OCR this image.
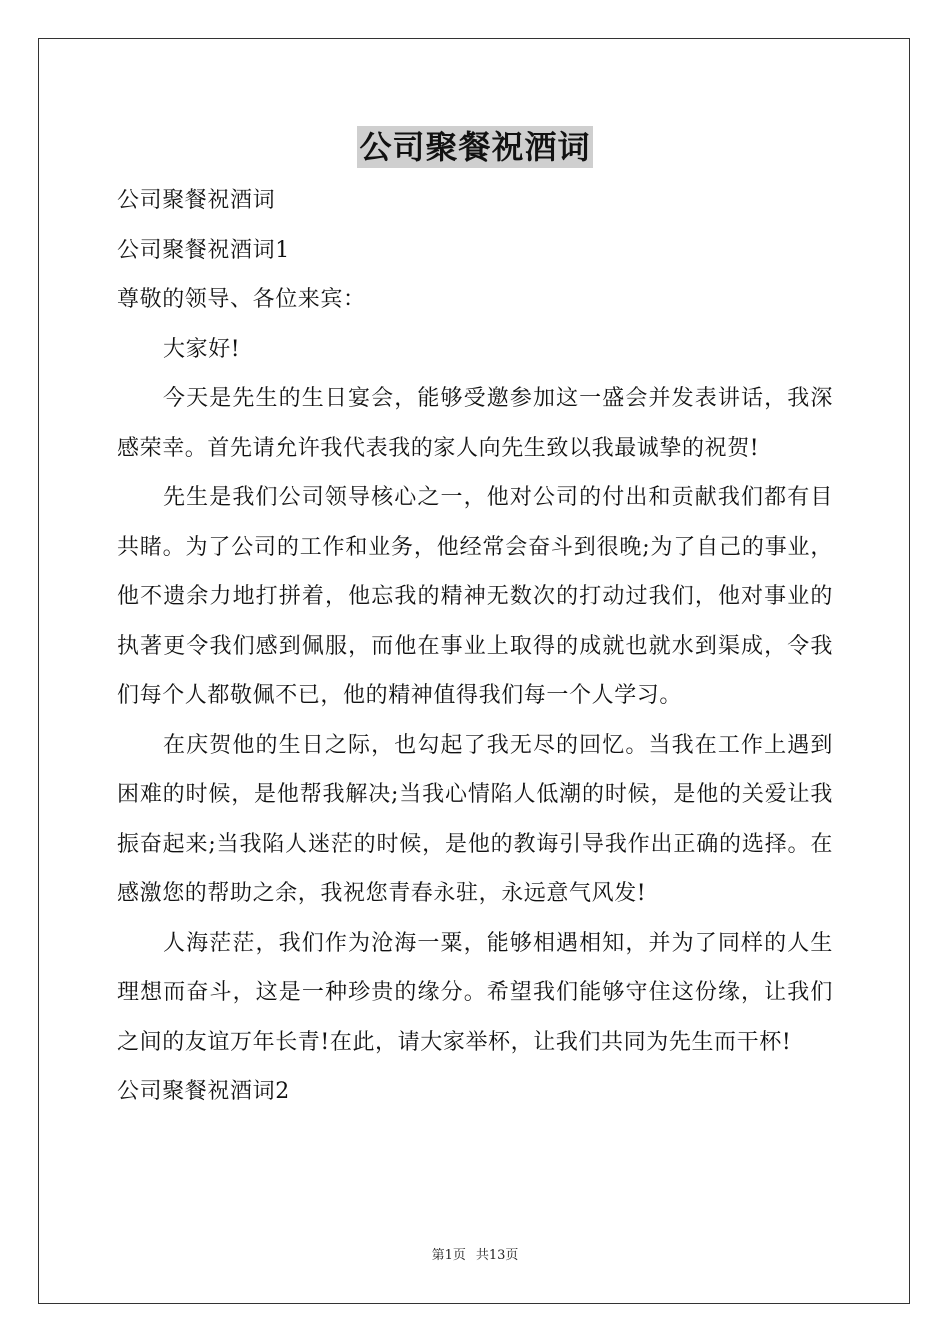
公司聚餐祝酒词

公司聚餐祝酒词

公司聚餐祝酒词1

尊敬的领导、各位来宾：

大家好!

今天是先生的生日宴会，能够受邀参加这一盛会并发表讲话，我深感荣幸。首先请允许我代表我的家人向先生致以我最诚挚的祝贺!

先生是我们公司领导核心之一，他对公司的付出和贡献我们都有目共睹。为了公司的工作和业务，他经常会奋斗到很晚;为了自己的事业，他不遗余力地打拼着，他忘我的精神无数次的打动过我们，他对事业的执著更令我们感到佩服，而他在事业上取得的成就也就水到渠成，令我们每个人都敬佩不已，他的精神值得我们每一个人学习。

在庆贺他的生日之际，也勾起了我无尽的回忆。当我在工作上遇到困难的时候，是他帮我解决;当我心情陷人低潮的时候，是他的关爱让我振奋起来;当我陷人迷茫的时候，是他的教诲引导我作出正确的选择。在感激您的帮助之余，我祝您青春永驻，永远意气风发!

人海茫茫，我们作为沧海一粟，能够相遇相知，并为了同样的人生理想而奋斗，这是一种珍贵的缘分。希望我们能够守住这份缘，让我们之间的友谊万年长青!在此，请大家举杯，让我们共同为先生而干杯!

公司聚餐祝酒词2

第1页 共13页
